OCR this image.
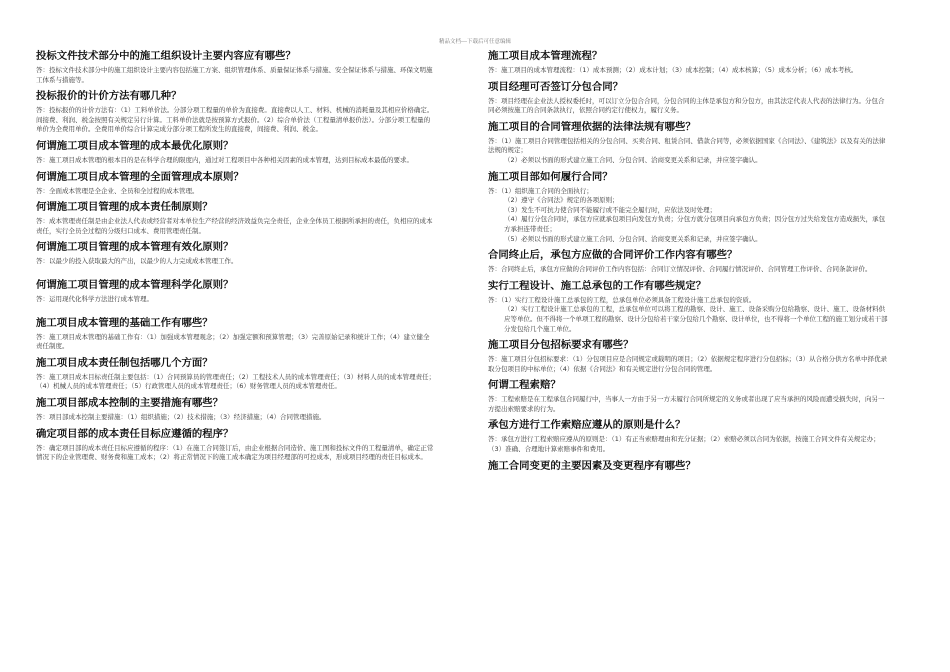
精品文档---下载后可任意编辑
投标文件技术部分中的施工组织设计主要内容应有哪些？
答：投标文件技术部分中的施工组织设计主要内容包括施工方案、组织管理体系、质量保证体系与措施、安全保证体系与措施、环保文明施工体系与措施等。
投标报价的计价方法有哪几种？
答：投标报价的计价方法有：（1）工料单价法。分部分项工程量的单价为直接费。直接费以人工、材料、机械的消耗量及其相应价格确定。间接费、利润、税金按照有关规定另行计算。工料单价法就是按预算方式报价。（2）综合单价法（工程量清单报价法）。分部分项工程量的单价为全费用单价。全费用单价综合计算完成分部分项工程所发生的直接费，间接费、利润、税金。
何谓施工项目成本管理的成本最优化原则？
答：施工项目成本管理的根本目的是在科学合理的限度内，通过对工程项目中各种相关因素的成本管理，达到目标成本最低的要求。
何谓施工项目成本管理的全面管理成本原则？
答：全面成本管理是全企业、全员和全过程的成本管理。
何谓施工项目管理的成本责任制原则？
答：成本管理责任制是由企业法人代表或经营者对本单位生产经营的经济效益负完全责任，企业全体员工根据所承担的责任，负相应的成本责任，实行全员全过程的分级归口成本、费用管理责任制。
何谓施工项目管理的成本管理有效化原则？
答：以最少的投入获取最大的产出，以最少的人力完成成本管理工作。
何谓施工项目管理的成本管理科学化原则？
答：运用现代化科学方法进行成本管理。
施工项目成本管理的基础工作有哪些？
答：施工项目成本管理的基础工作有：（1）加强成本管理观念；（2）加强定额和预算管理；（3）完善原始记录和统计工作；（4）建立健全责任制度。
施工项目成本责任制包括哪几个方面？
答：施工项目成本目标责任制主要包括：（1）合同预算员的管理责任；（2）工程技术人员的成本管理责任；（3）材料人员的成本管理责任；（4）机械人员的成本管理责任；（5）行政管理人员的成本管理责任；（6）财务管理人员的成本管理责任。
施工项目部成本控制的主要措施有哪些？
答：项目部成本控制主要措施：（1）组织措施；（2）技术措施；（3）经济措施；（4）合同管理措施。
确定项目部的成本责任目标应遵循的程序？
答：确定项目部的成本责任目标应遵循的程序：（1）在施工合同签订后，由企业根据合同造价、施工图和投标文件的工程量清单，确定正常情况下的企业管理费、财务费和施工成本；（2）将正常情况下的施工成本确定为项目经理部的可控成本，形成项目经理的责任目标成本。
施工项目成本管理流程？
答：施工项目的成本管理流程：（1）成本预测；（2）成本计划；（3）成本控制；（4）成本核算；（5）成本分析；（6）成本考核。
项目经理可否签订分包合同？
答：项目经理在企业法人授权委托时，可以订立分包合合同，分包合同的主体是承包方和分包方，由其法定代表人代表的法律行为。分包合同必须按施工的合同条款执行，依照合同约定行使权力，履行义务。
施工项目的合同管理依据的法律法规有哪些？
答：（1）施工项目合同管理包括相关的分包合同、买卖合同、租赁合同、借款合同等，必须依据国家《合同法》、《建筑法》以及有关的法律法规的规定；
（2）必须以书面的形式建立施工合同、分包合同、洽商变更关系和记录，并应签字确认。
施工项目部如何履行合同？
答：（1）组织施工合同的全面执行；
（2）遵守《合同法》规定的各项原则；
（3）发生不可抗力使合同不能履行或不能完全履行时，应依法及时处理；
（4）履行分包合同时，承包方应就承包项目向发包方负责；分包方就分包项目向承包方负责；因分包方过失给发包方造成损失，承包方承担连带责任；
（5）必须以书面的形式建立施工合同、分包合同、洽商变更关系和记录，并应签字确认。
合同终止后，承包方应做的合同评价工作内容有哪些？
答：合同终止后，承包方应做的合同评价工作内容包括：合同订立情况评价、合同履行情况评价、合同管理工作评价、合同条款评价。
实行工程设计、施工总承包的工作有哪些规定？
答：（1）实行工程设计施工总承包的工程，总承包单位必须具备工程设计施工总承包的资质。
（2）实行工程设计施工总承包的工程，总承包单位可以将工程的勘察、设计、施工、设备采购分包给勘察、设计、施工、设备材料供应等单位。但不得将一个单项工程的勘察、设计分包给若干家分包给几个勘察、设计单位，也不得将一个单位工程的施工划分成若干部分发包给几个施工单位。
施工项目分包招标要求有哪些？
答：施工项目分包招标要求：（1）分包项目应是合同规定或载明的项目；（2）依据规定程序进行分包招标；（3）从合格分供方名单中择优录取分包项目的中标单位；（4）依据《合同法》和有关规定进行分包合同的管理。
何谓工程索赔？
答：工程索赔是在工程承包合同履行中，当事人一方由于另一方未履行合同所规定的义务或者出现了应当承担的风险而遭受损失时，向另一方提出索赔要求的行为。
承包方进行工作索赔应遵从的原则是什么？
答：承包方进行工程索赔应遵从的原则是：（1）有正当索赔理由和充分证据；（2）索赔必须以合同为依据，按施工合同文件有关规定办；（3）准确、合理地计算索赔事件和费用。
施工合同变更的主要因素及变更程序有哪些？
